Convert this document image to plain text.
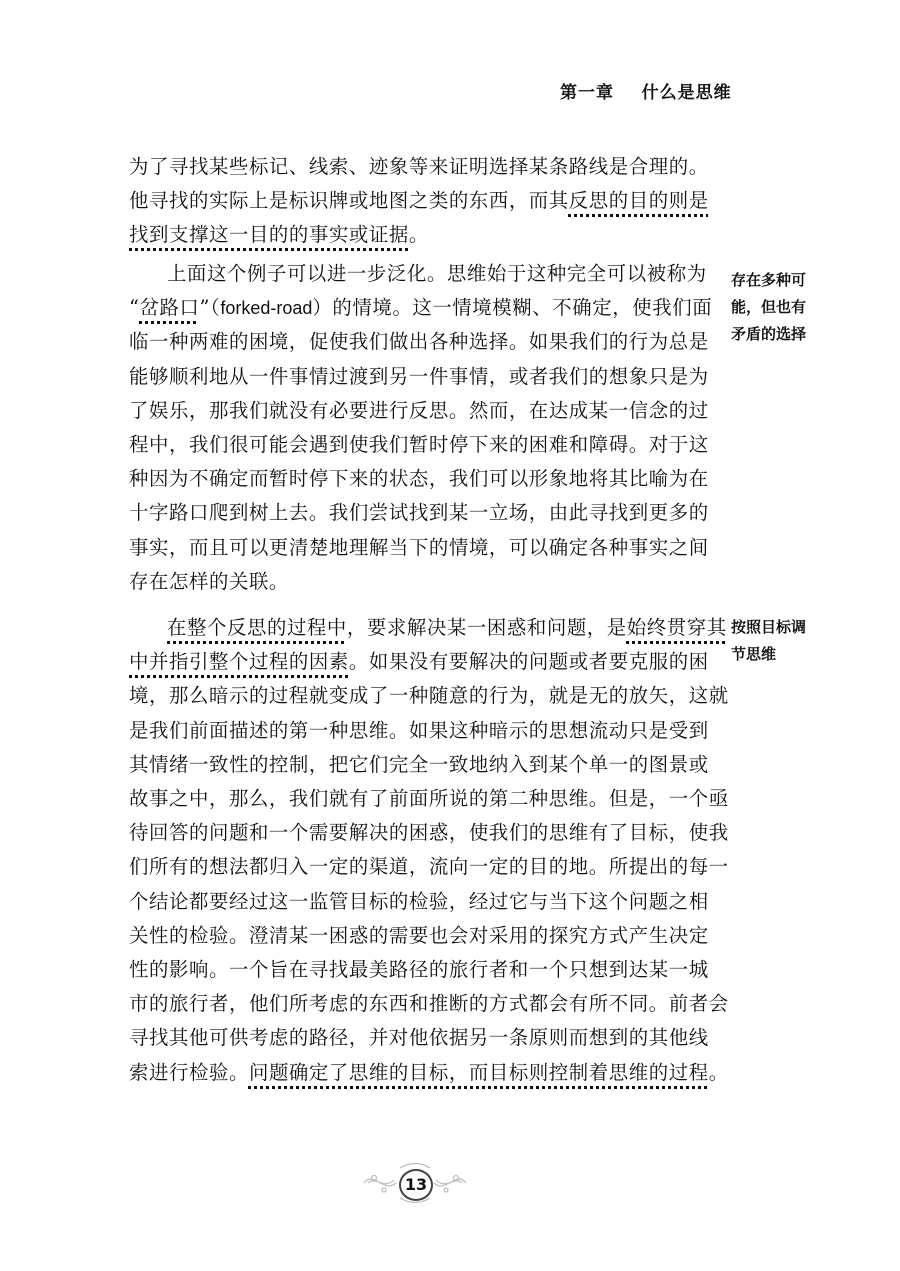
第一章    什么是思维
为了寻找某些标记、线索、迹象等来证明选择某条路线是合理的。
他寻找的实际上是标识牌或地图之类的东西，而其反思的目的则是
找到支撑这一目的的事实或证据。
上面这个例子可以进一步泛化。思维始于这种完全可以被称为
“岔路口”（forked-road）的情境。这一情境模糊、不确定，使我们面
临一种两难的困境，促使我们做出各种选择。如果我们的行为总是
能够顺利地从一件事情过渡到另一件事情，或者我们的想象只是为
了娱乐，那我们就没有必要进行反思。然而，在达成某一信念的过
程中，我们很可能会遇到使我们暂时停下来的困难和障碍。对于这
种因为不确定而暂时停下来的状态，我们可以形象地将其比喻为在
十字路口爬到树上去。我们尝试找到某一立场，由此寻找到更多的
事实，而且可以更清楚地理解当下的情境，可以确定各种事实之间
存在怎样的关联。
在整个反思的过程中，要求解决某一困惑和问题，是始终贯穿其
中并指引整个过程的因素。如果没有要解决的问题或者要克服的困
境，那么暗示的过程就变成了一种随意的行为，就是无的放矢，这就
是我们前面描述的第一种思维。如果这种暗示的思想流动只是受到
其情绪一致性的控制，把它们完全一致地纳入到某个单一的图景或
故事之中，那么，我们就有了前面所说的第二种思维。但是，一个亟
待回答的问题和一个需要解决的困惑，使我们的思维有了目标，使我
们所有的想法都归入一定的渠道，流向一定的目的地。所提出的每一
个结论都要经过这一监管目标的检验，经过它与当下这个问题之相
关性的检验。澄清某一困惑的需要也会对采用的探究方式产生决定
性的影响。一个旨在寻找最美路径的旅行者和一个只想到达某一城
市的旅行者，他们所考虑的东西和推断的方式都会有所不同。前者会
寻找其他可供考虑的路径，并对他依据另一条原则而想到的其他线
索进行检验。问题确定了思维的目标，而目标则控制着思维的过程。
存在多种可
能，但也有
矛盾的选择
按照目标调
节思维
13
